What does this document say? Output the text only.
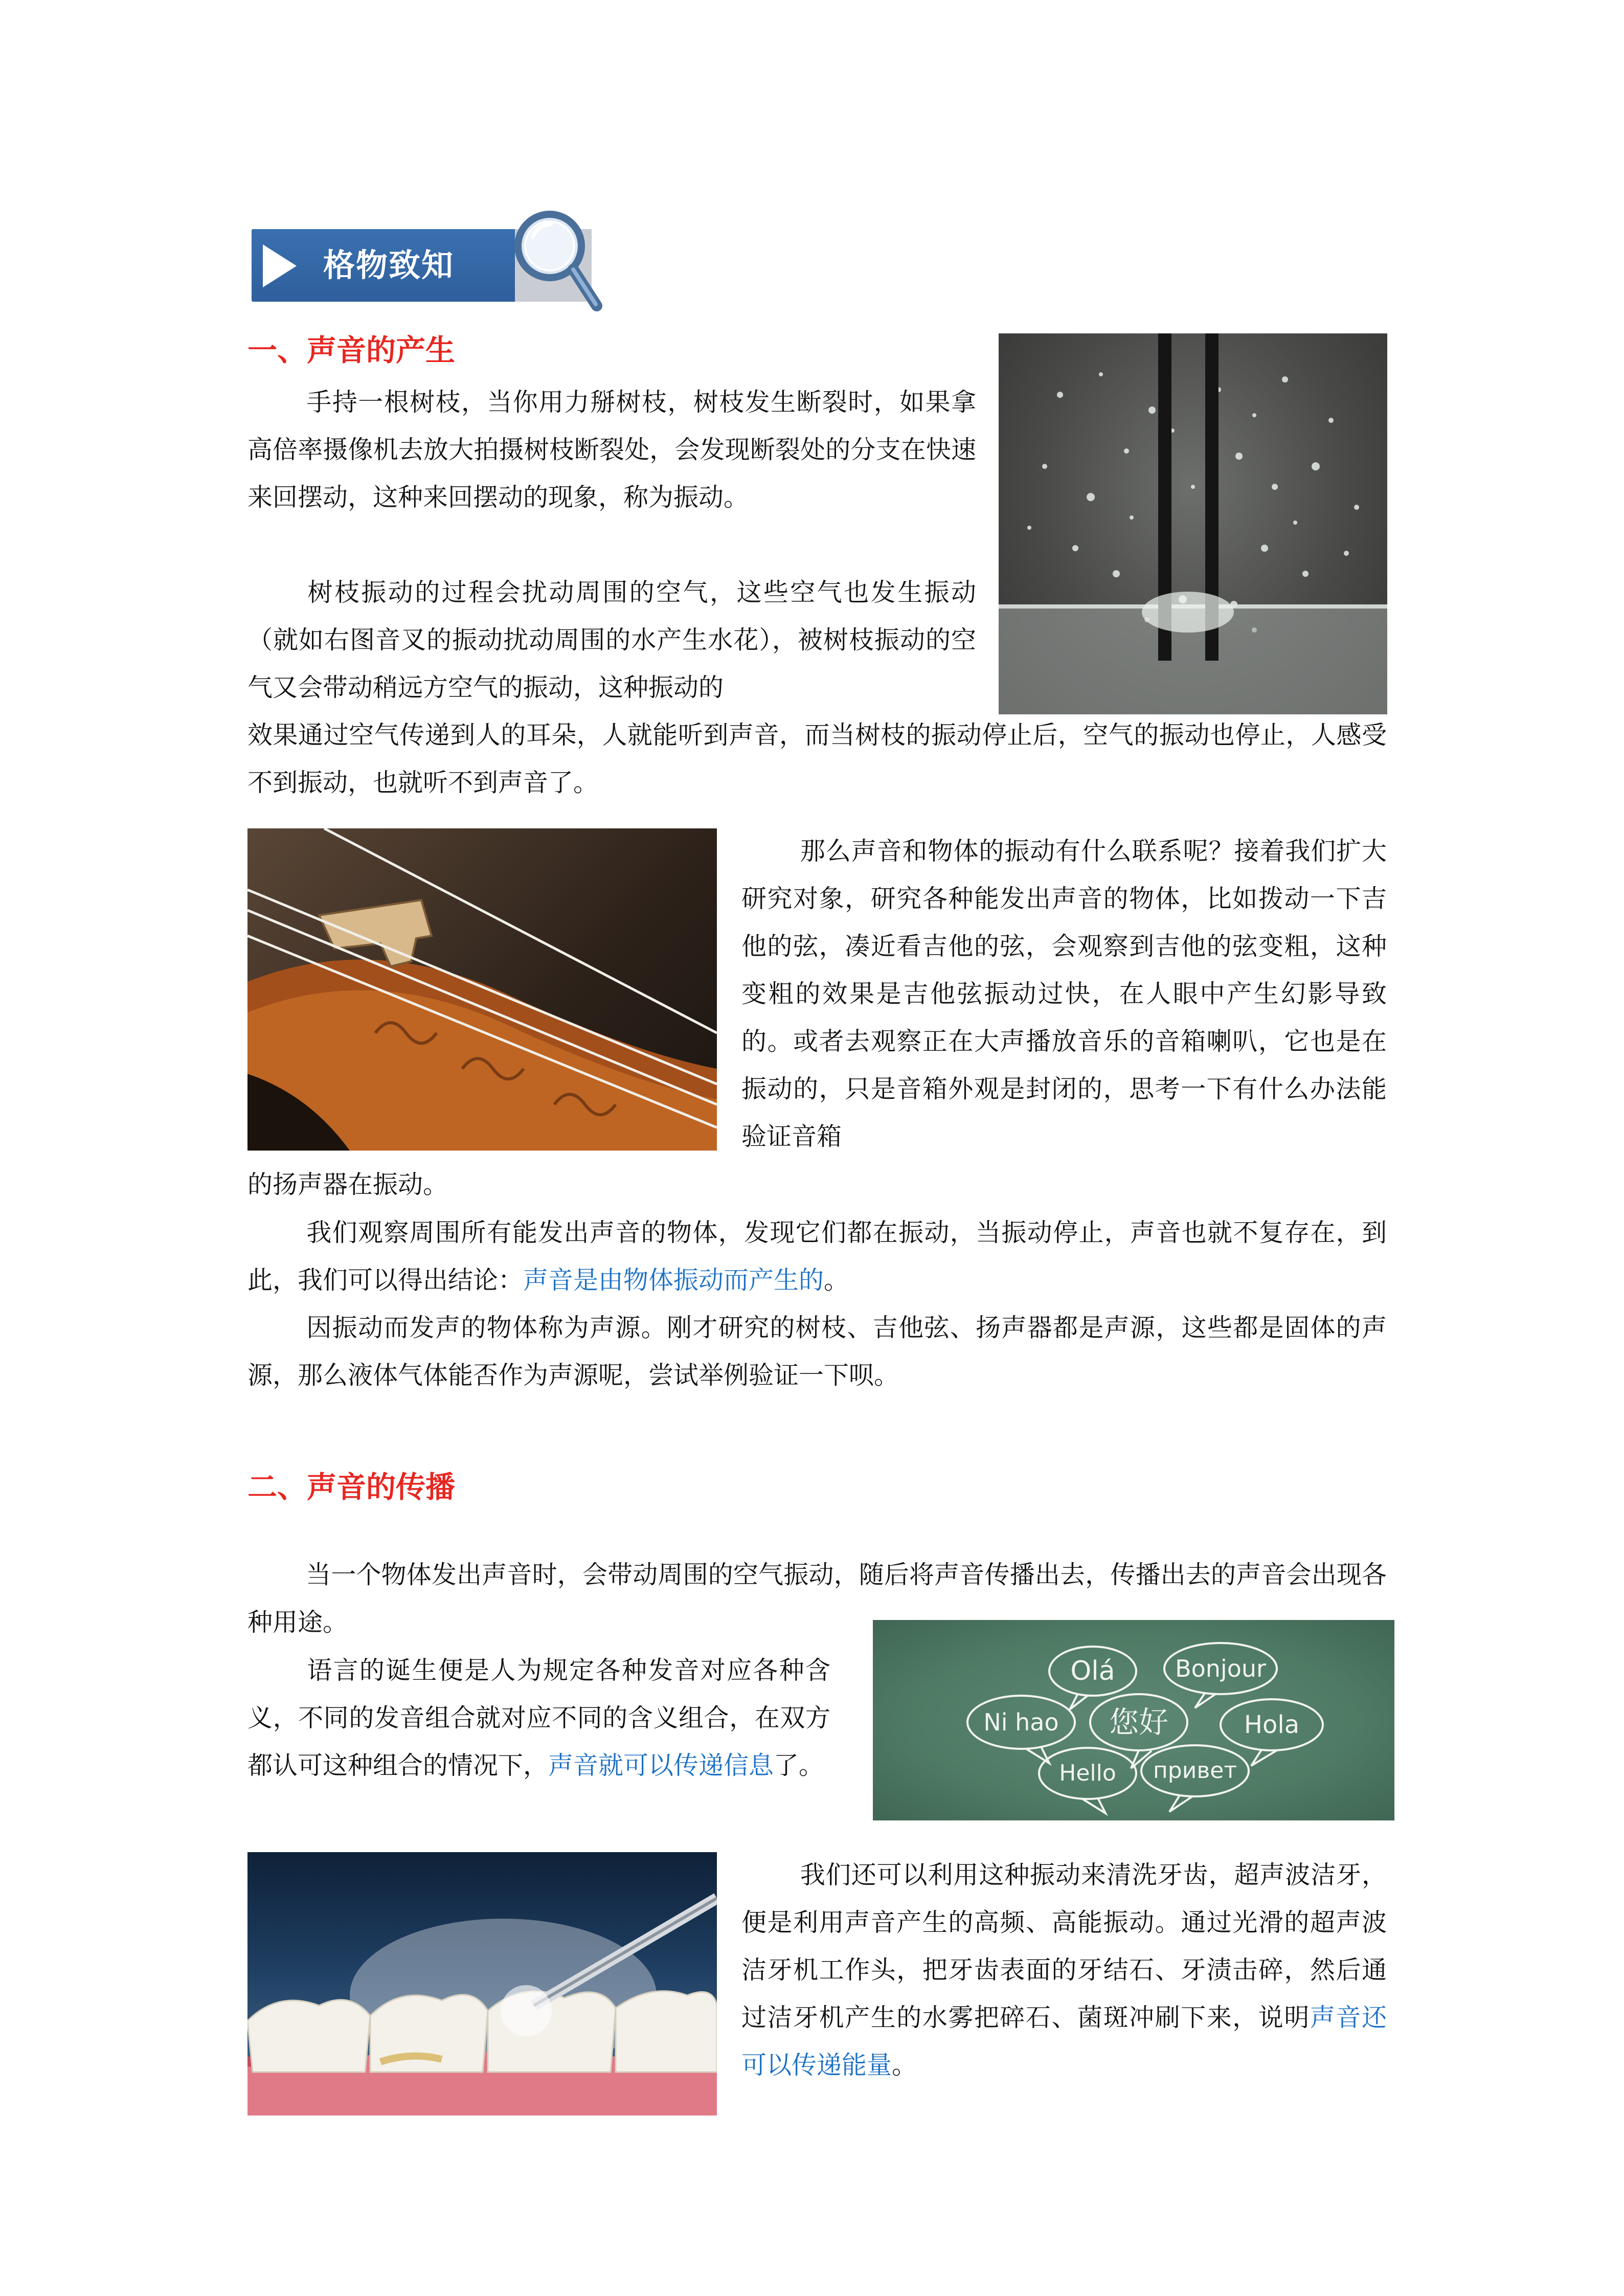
格物致知
一、声音的产生

手持一根树枝，当你用力掰树枝，树枝发生断裂时，如果拿高倍率摄像机去放大拍摄树枝断裂处，会发现断裂处的分支在快速来回摆动，这种来回摆动的现象，称为振动。

树枝振动的过程会扰动周围的空气，这些空气也发生振动（就如右图音叉的振动扰动周围的水产生水花），被树枝振动的空气又会带动稍远方空气的振动，这种振动的

效果通过空气传递到人的耳朵，人就能听到声音，而当树枝的振动停止后，空气的振动也停止，人感受不到振动，也就听不到声音了。

那么声音和物体的振动有什么联系呢？接着我们扩大研究对象，研究各种能发出声音的物体，比如拨动一下吉他的弦，凑近看吉他的弦，会观察到吉他的弦变粗，这种变粗的效果是吉他弦振动过快，在人眼中产生幻影导致的。或者去观察正在大声播放音乐的音箱喇叭，它也是在振动的，只是音箱外观是封闭的，思考一下有什么办法能验证音箱

的扬声器在振动。

我们观察周围所有能发出声音的物体，发现它们都在振动，当振动停止，声音也就不复存在，到此，我们可以得出结论：声音是由物体振动而产生的。

因振动而发声的物体称为声源。刚才研究的树枝、吉他弦、扬声器都是声源，这些都是固体的声源，那么液体气体能否作为声源呢，尝试举例验证一下呗。

二、声音的传播

当一个物体发出声音时，会带动周围的空气振动，随后将声音传播出去，传播出去的声音会出现各种用途。

Olá	Bonjour
Ni hao	您好	Hola
Hello	привет

语言的诞生便是人为规定各种发音对应各种含义，不同的发音组合就对应不同的含义组合，在双方都认可这种组合的情况下，声音就可以传递信息了。

我们还可以利用这种振动来清洗牙齿，超声波洁牙，便是利用声音产生的高频、高能振动。通过光滑的超声波洁牙机工作头，把牙齿表面的牙结石、牙渍击碎，然后通过洁牙机产生的水雾把碎石、菌斑冲刷下来，说明声音还可以传递能量。
